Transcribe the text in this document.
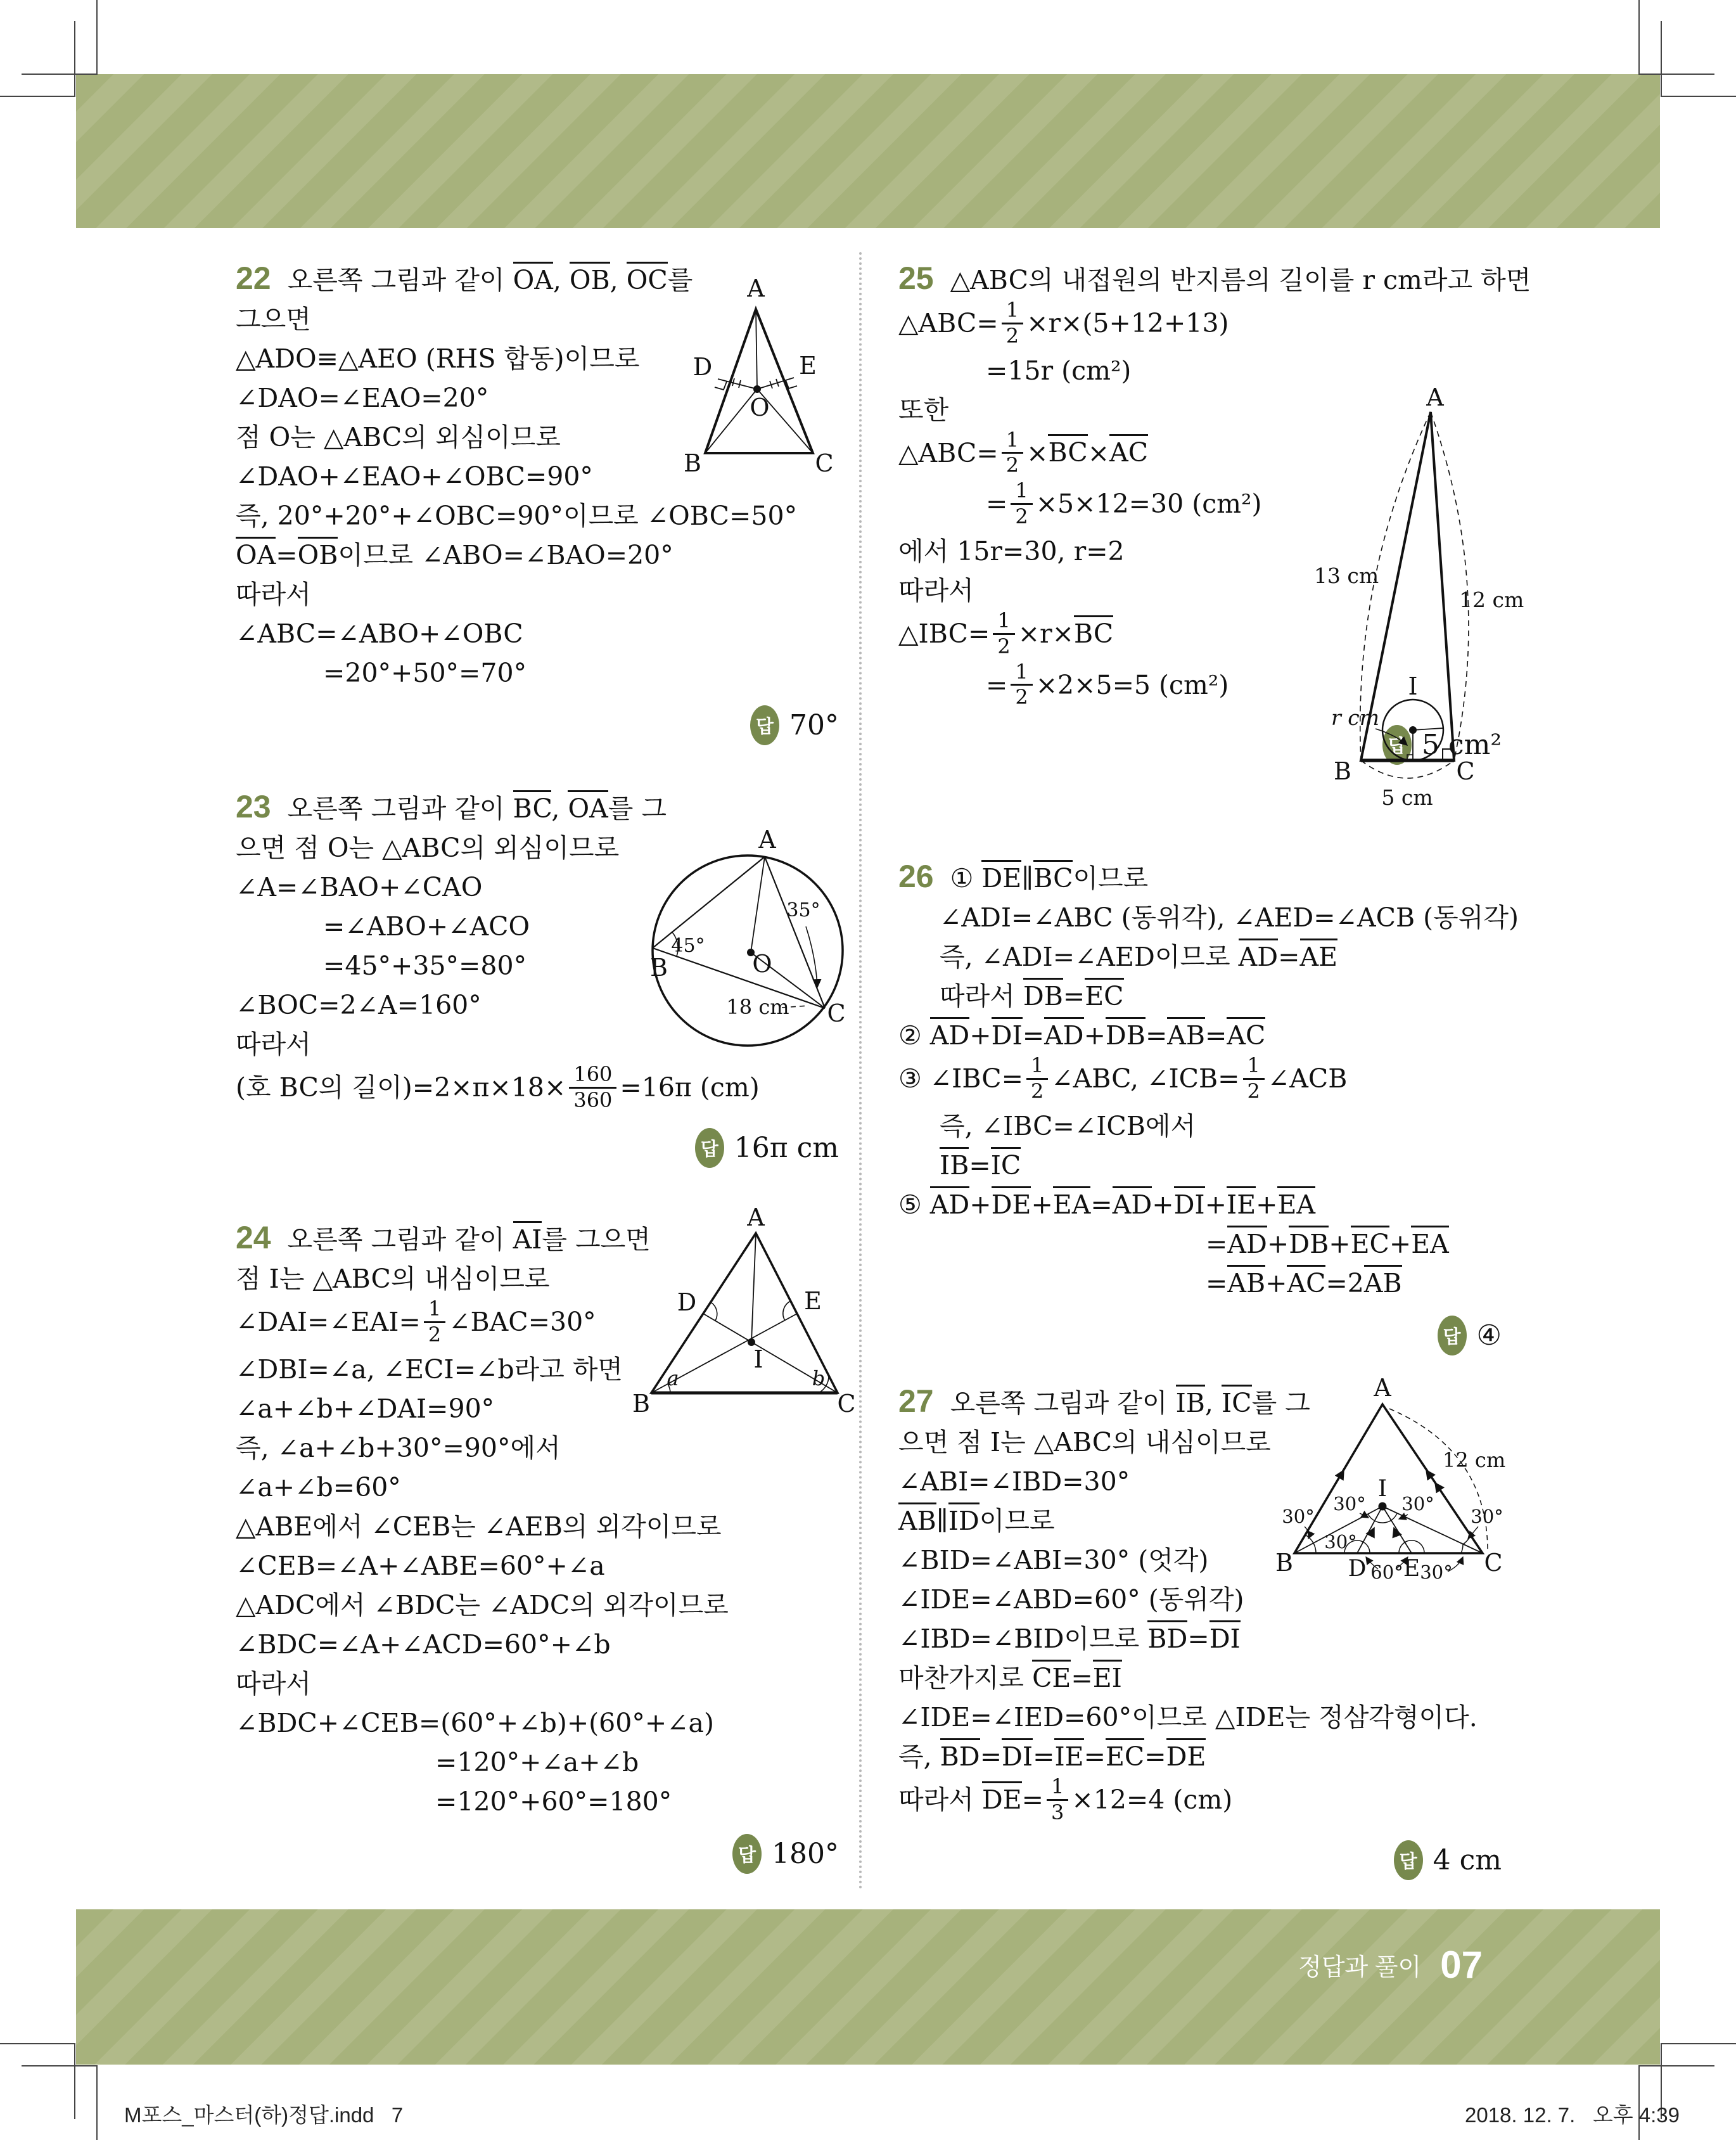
22 오른쪽 그림과 같이 OA, OB, OC를
그으면
△ADO≡△AEO (RHS 합동)이므로
∠DAO=∠EAO=20°
점 O는 △ABC의 외심이므로
∠DAO+∠EAO+∠OBC=90°
즉, 20°+20°+∠OBC=90°이므로 ∠OBC=50°
OA=OB이므로 ∠ABO=∠BAO=20°
따라서
∠ABC=∠ABO+∠OBC
=20°+50°=70°
답 70°
23 오른쪽 그림과 같이 BC, OA를 그
으면 점 O는 △ABC의 외심이므로
∠A=∠BAO+∠CAO
=∠ABO+∠ACO
=45°+35°=80°
∠BOC=2∠A=160°
따라서
(호 BC의 길이)$=2\times\pi\times 18\times \frac{160}{360} =16\pi$ (cm)
답 16π cm
24 오른쪽 그림과 같이 AI를 그으면
점 I는 △ABC의 내심이므로
∠DAI=∠EAI= $\frac{1}{2}$ ∠BAC=30°
∠DBI=∠a, ∠ECI=∠b라고 하면
∠a+∠b+∠DAI=90°
즉, ∠a+∠b+30°=90°에서
∠a+∠b=60°
△ABE에서 ∠CEB는 ∠AEB의 외각이므로
∠CEB=∠A+∠ABE=60°+∠a
△ADC에서 ∠BDC는 ∠ADC의 외각이므로
∠BDC=∠A+∠ACD=60°+∠b
따라서
∠BDC+∠CEB=(60°+∠b)+(60°+∠a)
=120°+∠a+∠b
=120°+60°=180°
답 180°
25 △ABC의 내접원의 반지름의 길이를 r cm라고 하면
△ABC= $\frac{1}{2} \times r\times(5+12+13)$
=15r (cm²)
또한
△ABC= $\frac{1}{2} \times BC\times AC$
= $\frac{1}{2} \times 5\times 12=30$ (cm²)
에서 15r=30, r=2
따라서
△IBC= $\frac{1}{2} \times r\times BC$
= $\frac{1}{2} \times 2\times 5=5$ (cm²)
답 5 cm²
26 ① DE∥BC이므로
∠ADI=∠ABC (동위각), ∠AED=∠ACB (동위각)
즉, ∠ADI=∠AED이므로 AD=AE
따라서 DB=EC
② AD+DI=AD+DB=AB=AC
③ ∠IBC= $\frac{1}{2}$ ∠ABC, ∠ICB= $\frac{1}{2}$ ∠ACB
즉, ∠IBC=∠ICB에서
IB=IC
⑤ AD+DE+EA=AD+DI+IE+EA
=AD+DB+EC+EA
=AB+AC=2AB
답 ④
27 오른쪽 그림과 같이 IB, IC를 그
으면 점 I는 △ABC의 내심이므로
∠ABI=∠IBD=30°
AB∥ID이므로
∠BID=∠ABI=30° (엇각)
∠IDE=∠ABD=60° (동위각)
∠IBD=∠BID이므로 BD=DI
마찬가지로 CE=EI
∠IDE=∠IED=60°이므로 △IDE는 정삼각형이다.
즉, BD=DI=IE=EC=DE
따라서 $DE= \frac{1}{3} \times 12=4$ (cm)
답 4 cm
A
B	C
D	E
O
A
B
C
O
45°
35°
18 cm
A
D	E
B	C
I
a	b
A
B	C
I
13 cm
12 cm
5 cm
r cm
A
B	C
I
D E
30°
30°
30° 30°
30°
60° 30°
12 cm
정답과 풀이 07
M포스_마스터(하)정답.indd   7	2018. 12. 7.   오후 4:39
